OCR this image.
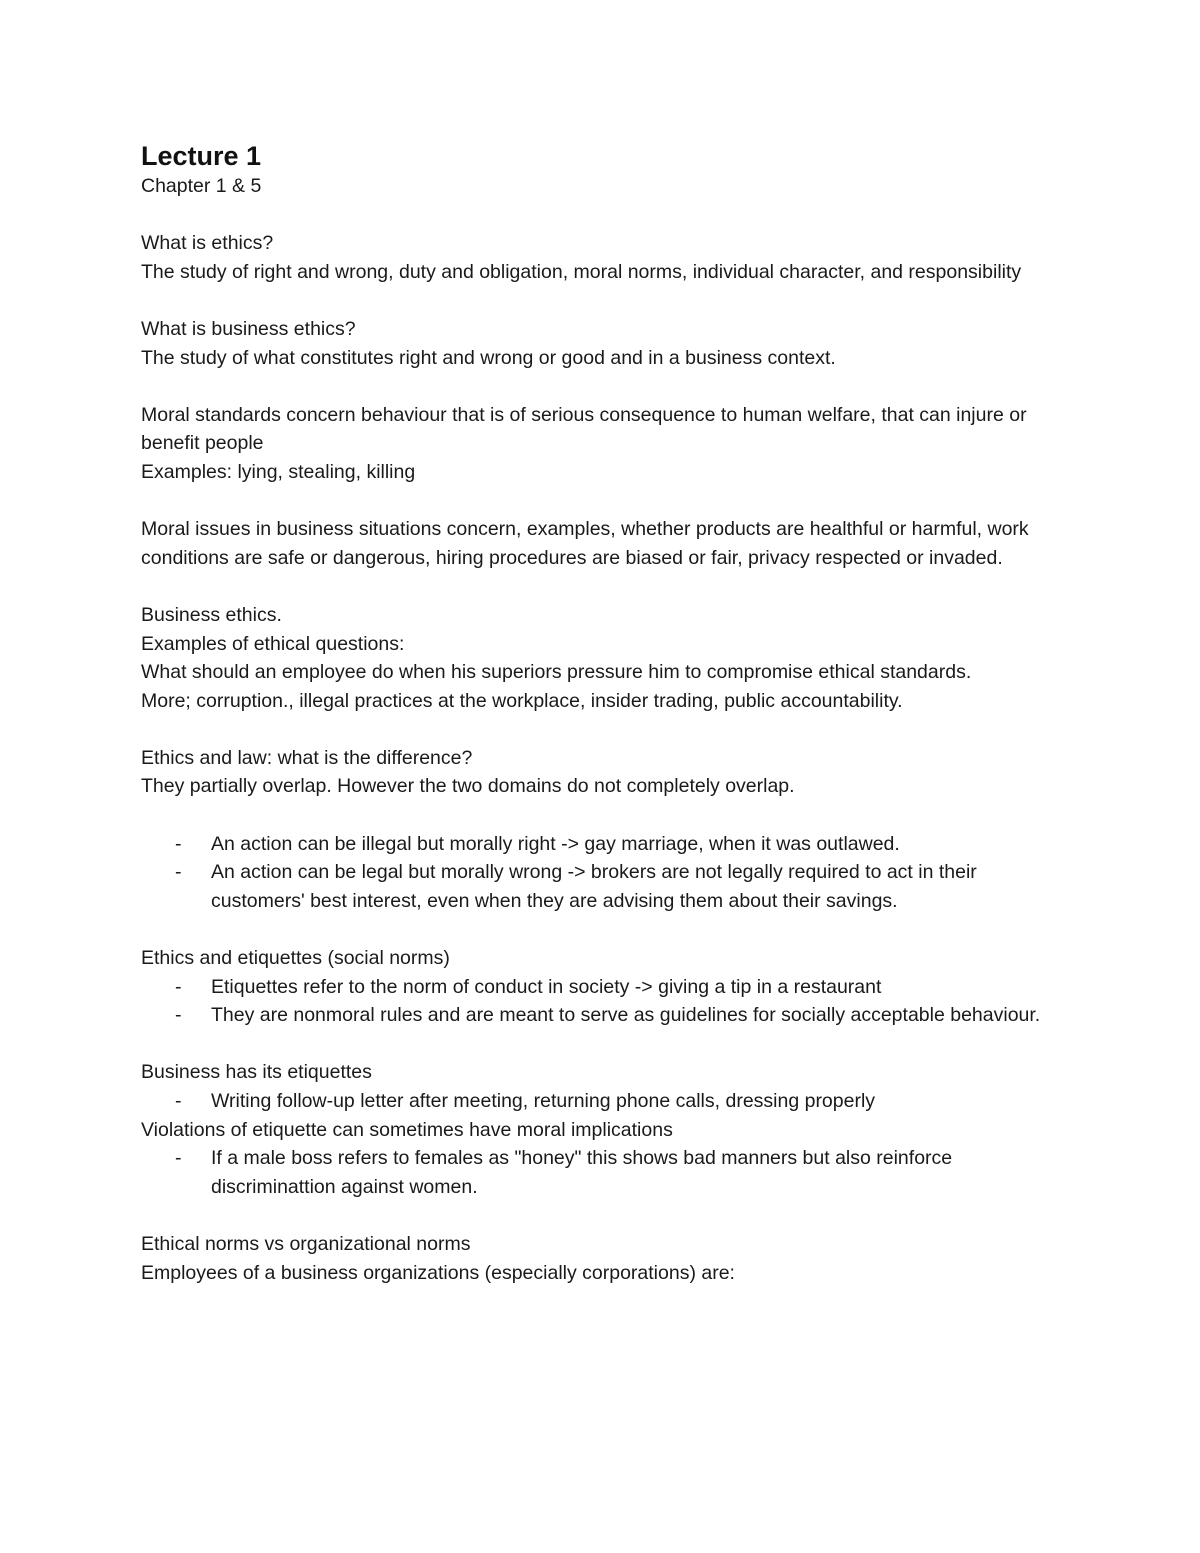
Lecture 1

Chapter 1 & 5

What is ethics?

The study of right and wrong, duty and obligation, moral norms, individual character, and responsibility

What is business ethics?

The study of what constitutes right and wrong or good and in a business context.

Moral standards concern behaviour that is of serious consequence to human welfare, that can injure or benefit people

Examples: lying, stealing, killing

Moral issues in business situations concern, examples, whether products are healthful or harmful, work conditions are safe or dangerous, hiring procedures are biased or fair, privacy respected or invaded.

Business ethics.

Examples of ethical questions:

What should an employee do when his superiors pressure him to compromise ethical standards.

More; corruption., illegal practices at the workplace, insider trading, public accountability.

Ethics and law: what is the difference?

They partially overlap. However the two domains do not completely overlap.

- An action can be illegal but morally right -> gay marriage, when it was outlawed.
- An action can be legal but morally wrong -> brokers are not legally required to act in their customers' best interest, even when they are advising them about their savings.

Ethics and etiquettes (social norms)

- Etiquettes refer to the norm of conduct in society -> giving a tip in a restaurant
- They are nonmoral rules and are meant to serve as guidelines for socially acceptable behaviour.

Business has its etiquettes

- Writing follow-up letter after meeting, returning phone calls, dressing properly

Violations of etiquette can sometimes have moral implications

- If a male boss refers to females as "honey" this shows bad manners but also reinforce discriminattion against women.

Ethical norms vs organizational norms

Employees of a business organizations (especially corporations) are:
